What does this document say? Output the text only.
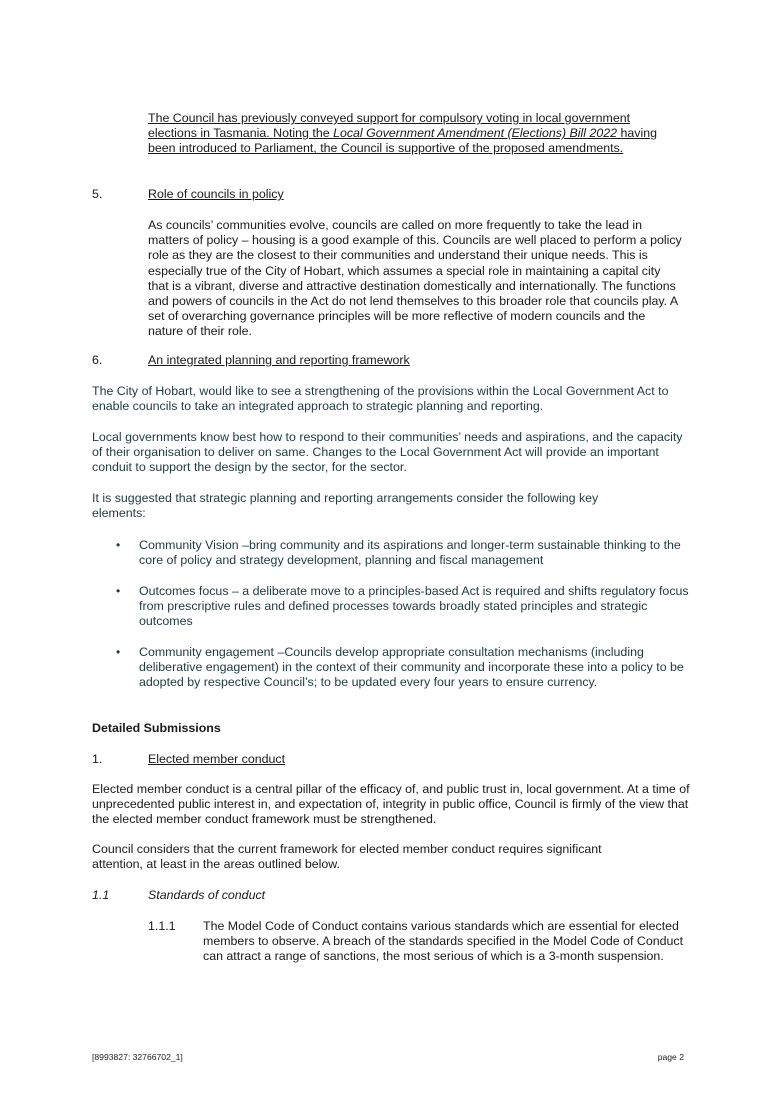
The Council has previously conveyed support for compulsory voting in local government elections in Tasmania. Noting the Local Government Amendment (Elections) Bill 2022 having been introduced to Parliament, the Council is supportive of the proposed amendments.

5.	Role of councils in policy

As councils’ communities evolve, councils are called on more frequently to take the lead in matters of policy – housing is a good example of this. Councils are well placed to perform a policy role as they are the closest to their communities and understand their unique needs. This is especially true of the City of Hobart, which assumes a special role in maintaining a capital city that is a vibrant, diverse and attractive destination domestically and internationally. The functions and powers of councils in the Act do not lend themselves to this broader role that councils play. A set of overarching governance principles will be more reflective of modern councils and the nature of their role.

6.	An integrated planning and reporting framework

The City of Hobart, would like to see a strengthening of the provisions within the Local Government Act to enable councils to take an integrated approach to strategic planning and reporting.

Local governments know best how to respond to their communities’ needs and aspirations, and the capacity of their organisation to deliver on same. Changes to the Local Government Act will provide an important conduit to support the design by the sector, for the sector.

It is suggested that strategic planning and reporting arrangements consider the following key elements:

• Community Vision –bring community and its aspirations and longer-term sustainable thinking to the core of policy and strategy development, planning and fiscal management
• Outcomes focus – a deliberate move to a principles-based Act is required and shifts regulatory focus from prescriptive rules and defined processes towards broadly stated principles and strategic outcomes
• Community engagement –Councils develop appropriate consultation mechanisms (including deliberative engagement) in the context of their community and incorporate these into a policy to be adopted by respective Council’s; to be updated every four years to ensure currency.
Detailed Submissions
1.	Elected member conduct

Elected member conduct is a central pillar of the efficacy of, and public trust in, local government. At a time of unprecedented public interest in, and expectation of, integrity in public office, Council is firmly of the view that the elected member conduct framework must be strengthened.

Council considers that the current framework for elected member conduct requires significant attention, at least in the areas outlined below.

1.1	Standards of conduct
1.1.1 The Model Code of Conduct contains various standards which are essential for elected members to observe. A breach of the standards specified in the Model Code of Conduct can attract a range of sanctions, the most serious of which is a 3-month suspension.
[8993827: 32766702_1]	page 2
